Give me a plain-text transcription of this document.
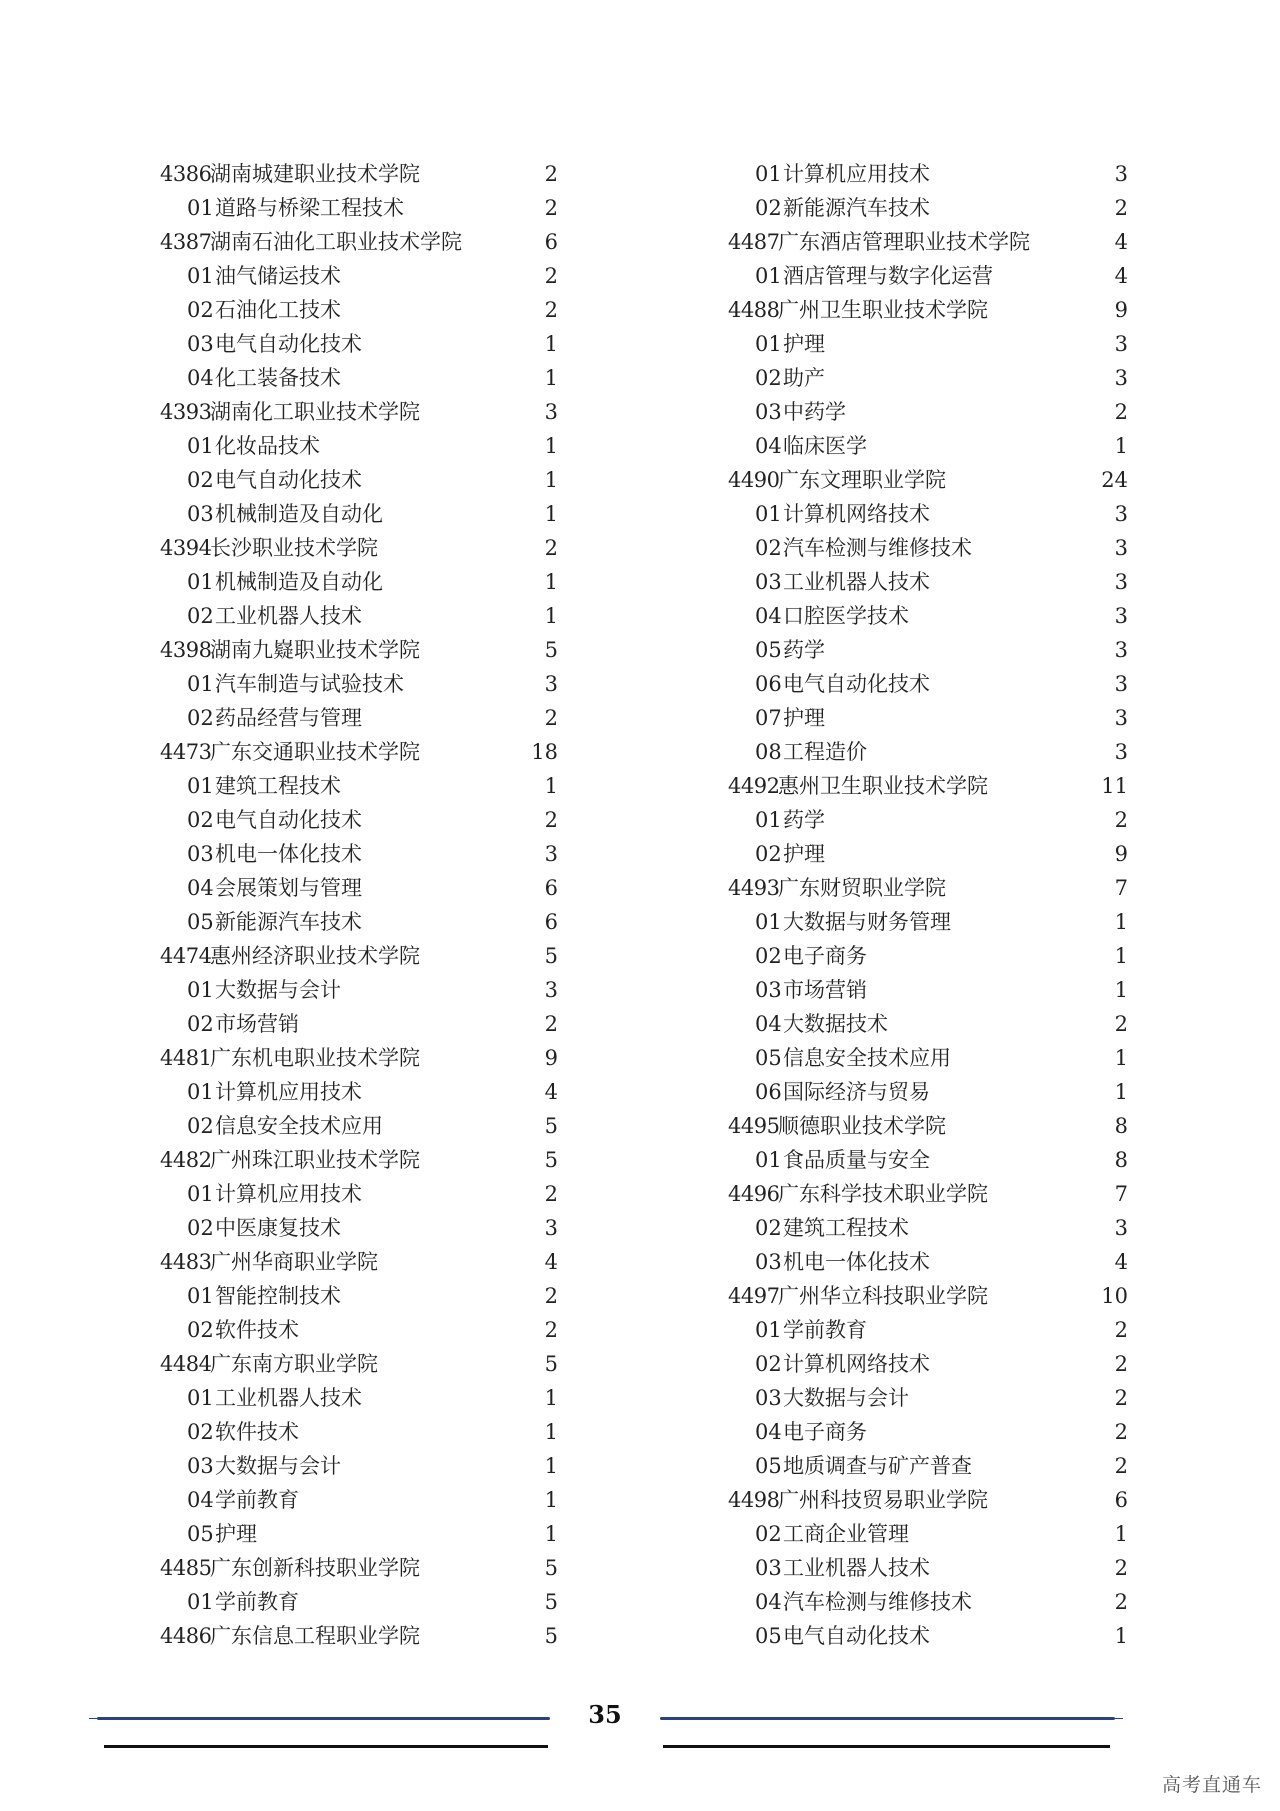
4386湖南城建职业技术学院	2
01道路与桥梁工程技术	2
4387湖南石油化工职业技术学院	6
01油气储运技术	2
02石油化工技术	2
03电气自动化技术	1
04化工装备技术	1
4393湖南化工职业技术学院	3
01化妆品技术	1
02电气自动化技术	1
03机械制造及自动化	1
4394长沙职业技术学院	2
01机械制造及自动化	1
02工业机器人技术	1
4398湖南九嶷职业技术学院	5
01汽车制造与试验技术	3
02药品经营与管理	2
4473广东交通职业技术学院	18
01建筑工程技术	1
02电气自动化技术	2
03机电一体化技术	3
04会展策划与管理	6
05新能源汽车技术	6
4474惠州经济职业技术学院	5
01大数据与会计	3
02市场营销	2
4481广东机电职业技术学院	9
01计算机应用技术	4
02信息安全技术应用	5
4482广州珠江职业技术学院	5
01计算机应用技术	2
02中医康复技术	3
4483广州华商职业学院	4
01智能控制技术	2
02软件技术	2
4484广东南方职业学院	5
01工业机器人技术	1
02软件技术	1
03大数据与会计	1
04学前教育	1
05护理	1
4485广东创新科技职业学院	5
01学前教育	5
4486广东信息工程职业学院	5
01计算机应用技术	3
02新能源汽车技术	2
4487广东酒店管理职业技术学院	4
01酒店管理与数字化运营	4
4488广州卫生职业技术学院	9
01护理	3
02助产	3
03中药学	2
04临床医学	1
4490广东文理职业学院	24
01计算机网络技术	3
02汽车检测与维修技术	3
03工业机器人技术	3
04口腔医学技术	3
05药学	3
06电气自动化技术	3
07护理	3
08工程造价	3
4492惠州卫生职业技术学院	11
01药学	2
02护理	9
4493广东财贸职业学院	7
01大数据与财务管理	1
02电子商务	1
03市场营销	1
04大数据技术	2
05信息安全技术应用	1
06国际经济与贸易	1
4495顺德职业技术学院	8
01食品质量与安全	8
4496广东科学技术职业学院	7
02建筑工程技术	3
03机电一体化技术	4
4497广州华立科技职业学院	10
01学前教育	2
02计算机网络技术	2
03大数据与会计	2
04电子商务	2
05地质调查与矿产普查	2
4498广州科技贸易职业学院	6
02工商企业管理	1
03工业机器人技术	2
04汽车检测与维修技术	2
05电气自动化技术	1
35
高考直通车
